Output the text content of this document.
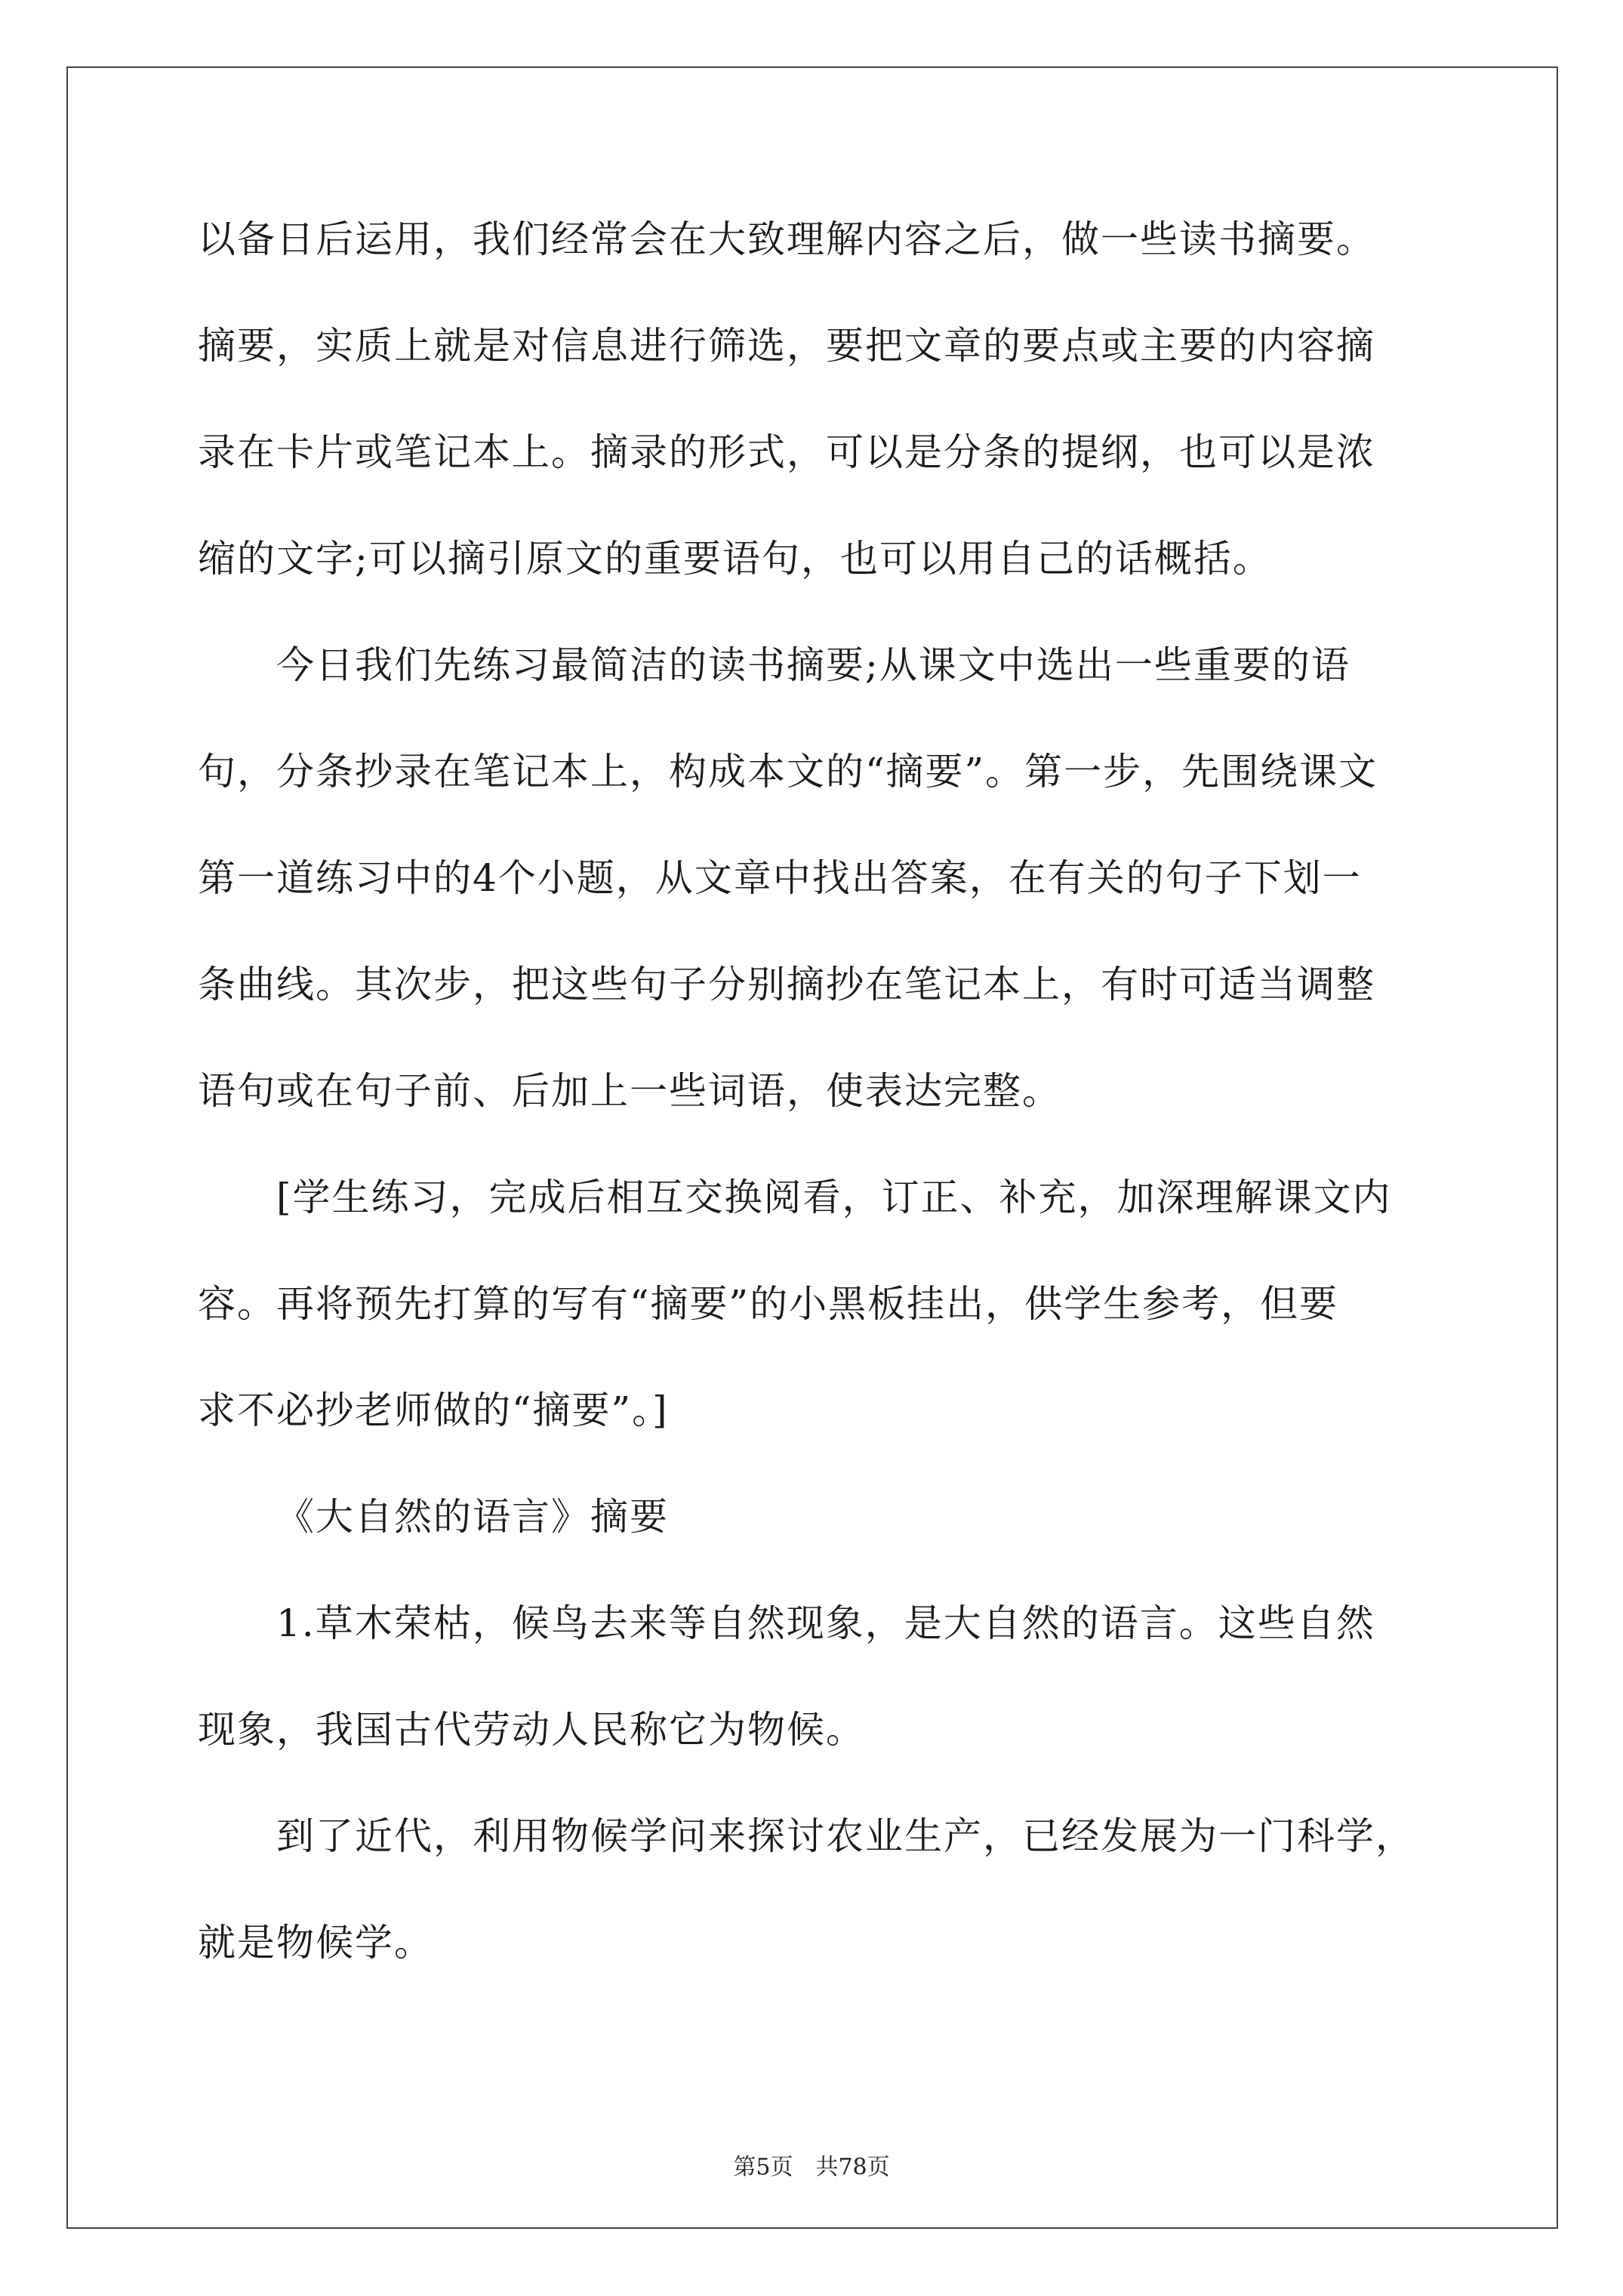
以备日后运用，我们经常会在大致理解内容之后，做一些读书摘要。
摘要，实质上就是对信息进行筛选，要把文章的要点或主要的内容摘
录在卡片或笔记本上。摘录的形式，可以是分条的提纲，也可以是浓
缩的文字;可以摘引原文的重要语句，也可以用自己的话概括。
今日我们先练习最简洁的读书摘要;从课文中选出一些重要的语
句，分条抄录在笔记本上，构成本文的“摘要”。第一步，先围绕课文
第一道练习中的4个小题，从文章中找出答案，在有关的句子下划一
条曲线。其次步，把这些句子分别摘抄在笔记本上，有时可适当调整
语句或在句子前、后加上一些词语，使表达完整。
[学生练习，完成后相互交换阅看，订正、补充，加深理解课文内
容。再将预先打算的写有“摘要”的小黑板挂出，供学生参考，但要
求不必抄老师做的“摘要”。]
《大自然的语言》摘要
1.草木荣枯，候鸟去来等自然现象，是大自然的语言。这些自然
现象，我国古代劳动人民称它为物候。
到了近代，利用物候学问来探讨农业生产，已经发展为一门科学，
就是物候学。
第5页　共78页
